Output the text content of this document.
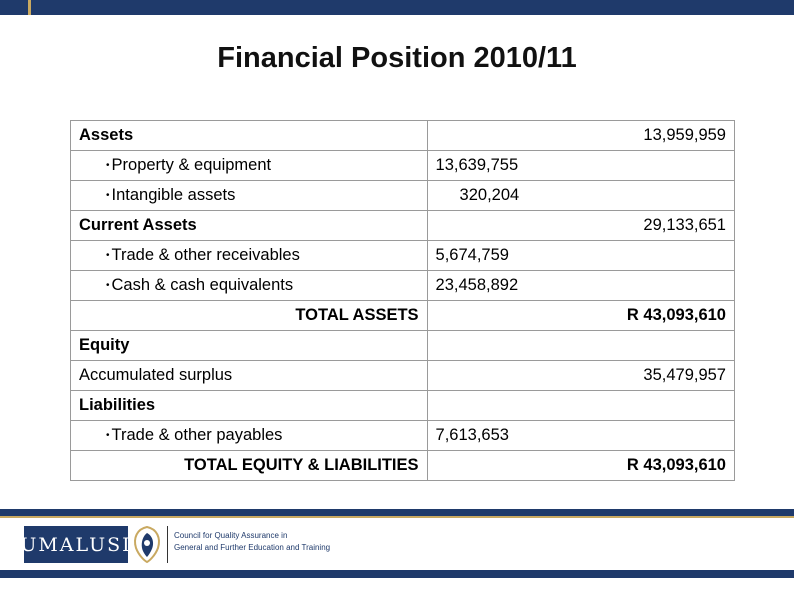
Financial Position 2010/11
Assets	13,959,959
• Property & equipment	13,639,755
• Intangible assets	320,204
Current Assets	29,133,651
• Trade & other receivables	5,674,759
• Cash & cash equivalents	23,458,892
TOTAL ASSETS	R 43,093,610
Equity	
Accumulated surplus	35,479,957
Liabilities	
• Trade & other payables	7,613,653
TOTAL EQUITY & LIABILITIES	R 43,093,610
UMALUSI	Council for Quality Assurance in
General and Further Education and Training
